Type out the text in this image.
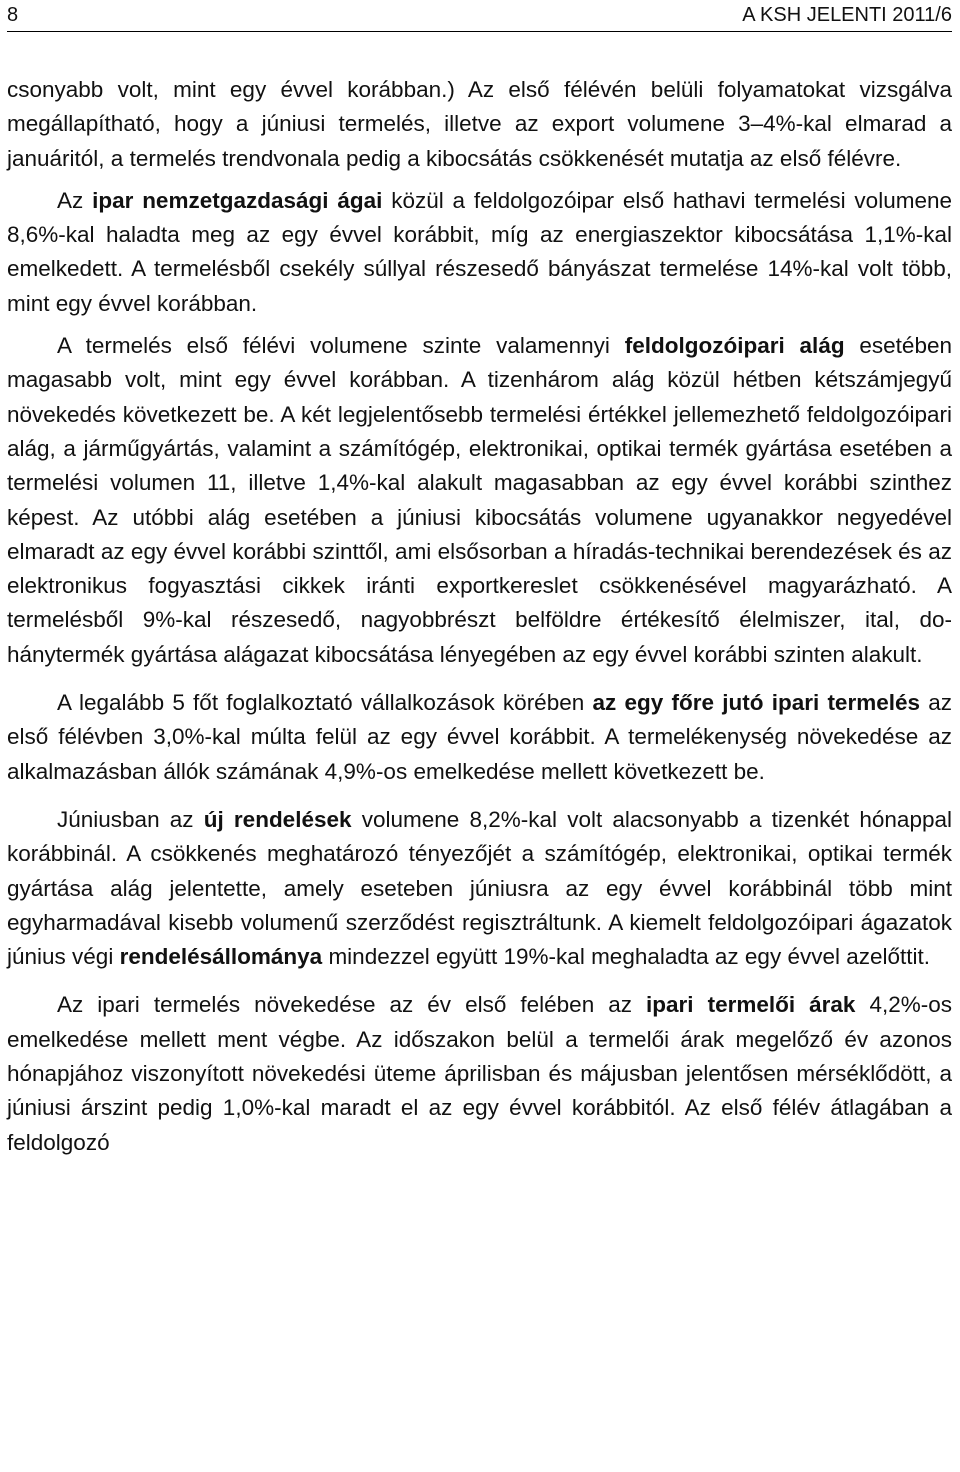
8	A KSH JELENTI 2011/6

csonyabb volt, mint egy évvel korábban.) Az első félévén belüli folyamatokat vizsgálva megállapítható, hogy a júniusi termelés, illetve az export volumene 3–4%-kal elmarad a januáritól, a termelés trendvonala pedig a kibocsátás csökkenését mutatja az első félévre.

Az ipar nemzetgazdasági ágai közül a feldolgozóipar első hathavi termelési volumene 8,6%-kal haladta meg az egy évvel korábbit, míg az energiaszektor kibocsátása 1,1%-kal emelkedett. A termelésből csekély súllyal részesedő bányászat termelése 14%-kal volt több, mint egy évvel korábban.

A termelés első félévi volumene szinte valamennyi feldolgozóipari alág esetében magasabb volt, mint egy évvel korábban. A tizenhárom alág közül hétben kétszámjegyű növekedés következett be. A két legjelentősebb termelési értékkel jellemezhető feldolgozóipari alág, a járműgyártás, valamint a számítógép, elektronikai, optikai termék gyártása esetében a termelési volumen 11, illetve 1,4%-kal alakult magasabban az egy évvel korábbi szinthez képest. Az utóbbi alág esetében a júniusi kibocsátás volumene ugyanakkor negyedével elmaradt az egy évvel korábbi szinttől, ami elsősorban a híradás-technikai berendezések és az elektronikus fogyasztási cikkek iránti exportkereslet csökkenésével magyarázható. A termelésből 9%-kal részesedő, nagyobbrészt belföldre értékesítő élelmiszer, ital, dohánytermék gyártása alágazat kibocsátása lényegében az egy évvel korábbi szinten alakult.

A legalább 5 főt foglalkoztató vállalkozások körében az egy főre jutó ipari termelés az első félévben 3,0%-kal múlta felül az egy évvel korábbit. A termelékenység növekedése az alkalmazásban állók számának 4,9%-os emelkedése mellett következett be.

Júniusban az új rendelések volumene 8,2%-kal volt alacsonyabb a tizenkét hónappal korábbinál. A csökkenés meghatározó tényezőjét a számítógép, elektronikai, optikai termék gyártása alág jelentette, amely eseteben júniusra az egy évvel korábbinál több mint egyharmadával kisebb volumenű szerződést regisztráltunk. A kiemelt feldolgozóipari ágazatok június végi rendelésállománya mindezzel együtt 19%-kal meghaladta az egy évvel azelőttit.

Az ipari termelés növekedése az év első felében az ipari termelői árak 4,2%-os emelkedése mellett ment végbe. Az időszakon belül a termelői árak megelőző év azonos hónapjához viszonyított növekedési üteme áprilisban és májusban jelentősen mérséklődött, a júniusi árszint pedig 1,0%-kal maradt el az egy évvel korábbitól. Az első félév átlagában a feldolgozó
